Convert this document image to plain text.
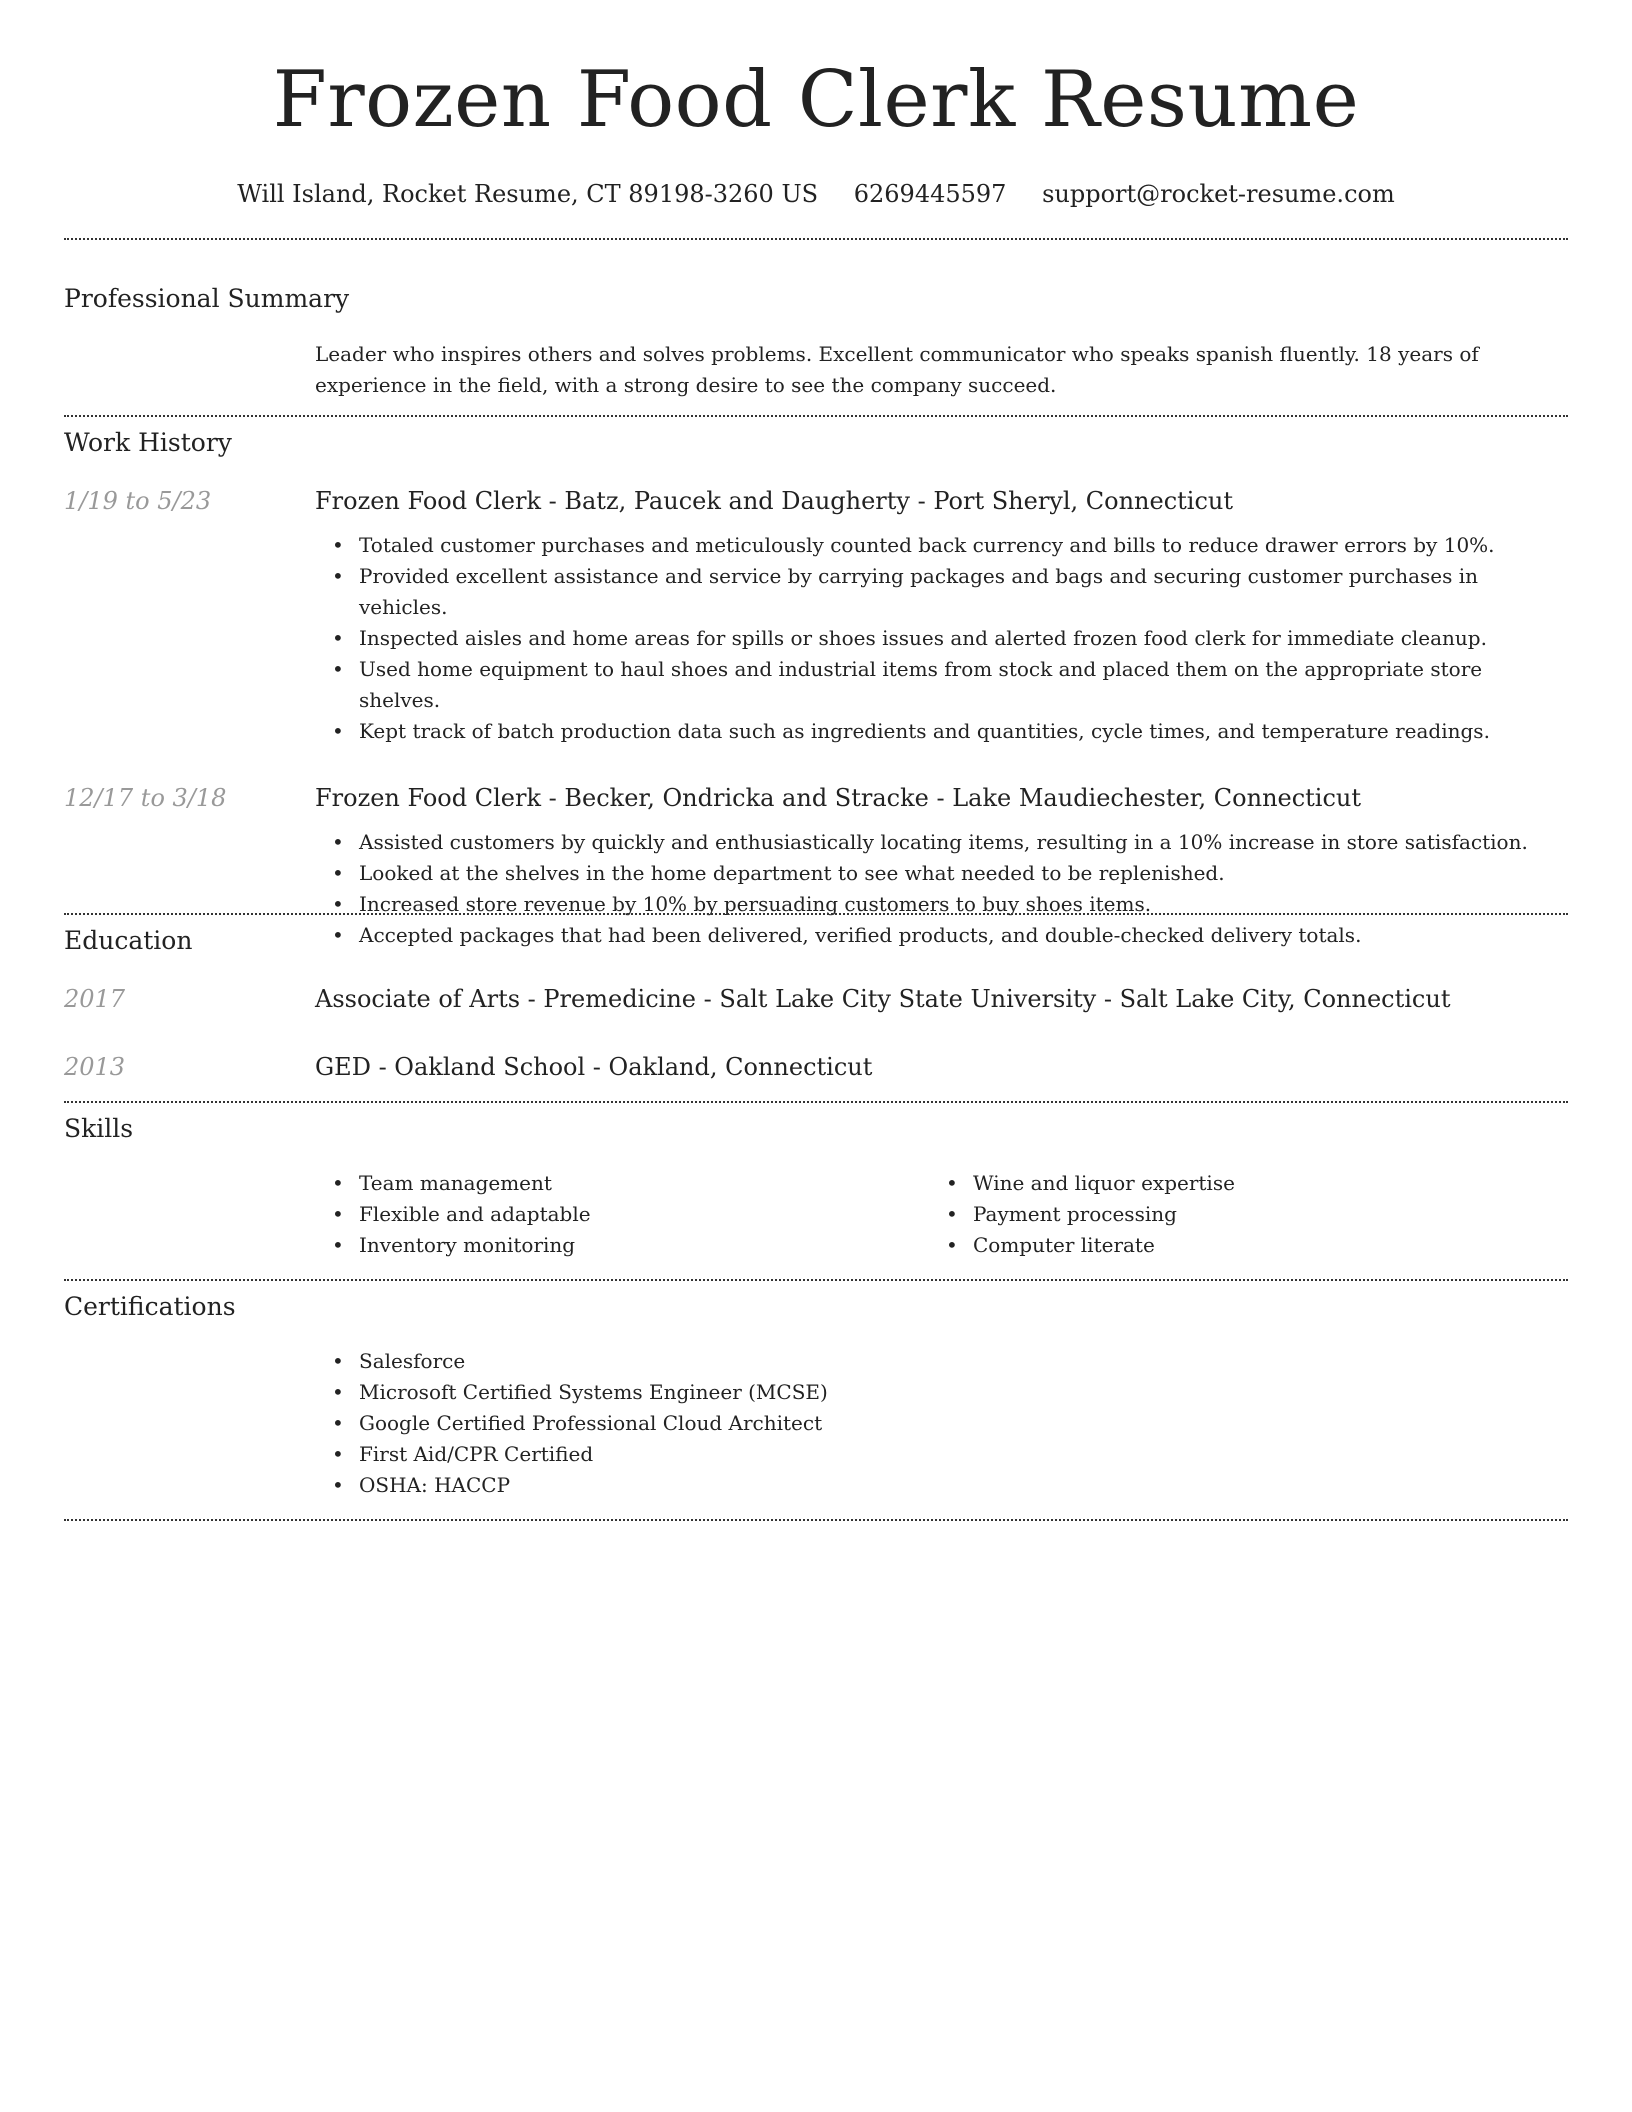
Frozen Food Clerk Resume
Will Island, Rocket Resume, CT 89198-3260 US 6269445597 support@rocket-resume.com
Professional Summary

Leader who inspires others and solves problems. Excellent communicator who speaks spanish fluently. 18 years of experience in the field, with a strong desire to see the company succeed.

Work History
1/19 to 5/23	Frozen Food Clerk - Batz, Paucek and Daugherty - Port Sheryl, Connecticut
• Totaled customer purchases and meticulously counted back currency and bills to reduce drawer errors by 10%.
• Provided excellent assistance and service by carrying packages and bags and securing customer purchases in vehicles.
• Inspected aisles and home areas for spills or shoes issues and alerted frozen food clerk for immediate cleanup.
• Used home equipment to haul shoes and industrial items from stock and placed them on the appropriate store shelves.
• Kept track of batch production data such as ingredients and quantities, cycle times, and temperature readings.
12/17 to 3/18	Frozen Food Clerk - Becker, Ondricka and Stracke - Lake Maudiechester, Connecticut
• Assisted customers by quickly and enthusiastically locating items, resulting in a 10% increase in store satisfaction.
• Looked at the shelves in the home department to see what needed to be replenished.
• Increased store revenue by 10% by persuading customers to buy shoes items.
• Accepted packages that had been delivered, verified products, and double-checked delivery totals.
Education
2017	Associate of Arts - Premedicine - Salt Lake City State University - Salt Lake City, Connecticut
2013	GED - Oakland School - Oakland, Connecticut
Skills
• Team management
• Flexible and adaptable
• Inventory monitoring
• Wine and liquor expertise
• Payment processing
• Computer literate
Certifications
• Salesforce
• Microsoft Certified Systems Engineer (MCSE)
• Google Certified Professional Cloud Architect
• First Aid/CPR Certified
• OSHA: HACCP
